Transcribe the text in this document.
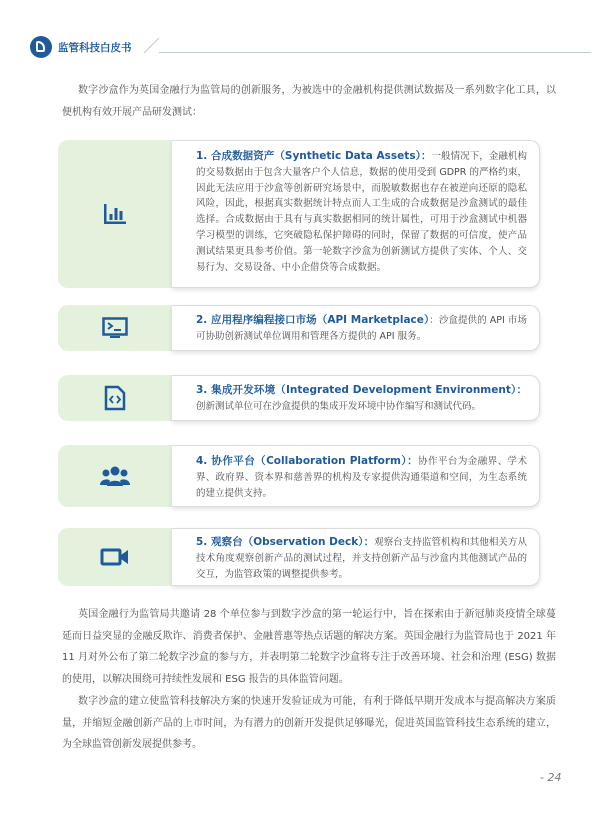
监管科技白皮书

数字沙盒作为英国金融行为监管局的创新服务，为被选中的金融机构提供测试数据及一系列数字化工具，以便机构有效开展产品研发测试：

1. 合成数据资产（Synthetic Data Assets）：一般情况下，金融机构的交易数据由于包含大量客户个人信息，数据的使用受到 GDPR 的严格约束，因此无法应用于沙盒等创新研究场景中，而脱敏数据也存在被逆向还原的隐私风险，因此，根据真实数据统计特点而人工生成的合成数据是沙盒测试的最佳选择。合成数据由于具有与真实数据相同的统计属性，可用于沙盒测试中机器学习模型的训练，它突破隐私保护障碍的同时，保留了数据的可信度，使产品测试结果更具参考价值。第一轮数字沙盒为创新测试方提供了实体、个人、交易行为、交易设备、中小企借贷等合成数据。
2. 应用程序编程接口市场（API Marketplace）：沙盒提供的 API 市场可协助创新测试单位调用和管理各方提供的 API 服务。
3. 集成开发环境（Integrated Development Environment）：创新测试单位可在沙盒提供的集成开发环境中协作编写和测试代码。
4. 协作平台（Collaboration Platform）：协作平台为金融界、学术界、政府界、资本界和慈善界的机构及专家提供沟通渠道和空间，为生态系统的建立提供支持。
5. 观察台（Observation Deck）：观察台支持监管机构和其他相关方从技术角度观察创新产品的测试过程，并支持创新产品与沙盒内其他测试产品的交互，为监管政策的调整提供参考。

英国金融行为监管局共邀请 28 个单位参与到数字沙盒的第一轮运行中，旨在探索由于新冠肺炎疫情全球蔓延而日益突显的金融反欺诈、消费者保护、金融普惠等热点话题的解决方案。英国金融行为监管局也于 2021 年 11 月对外公布了第二轮数字沙盒的参与方，并表明第二轮数字沙盒将专注于改善环境、社会和治理 (ESG) 数据的使用，以解决围绕可持续性发展和 ESG 报告的具体监管问题。

数字沙盒的建立使监管科技解决方案的快速开发验证成为可能，有利于降低早期开发成本与提高解决方案质量，并缩短金融创新产品的上市时间，为有潜力的创新开发提供足够曝光，促进英国监管科技生态系统的建立，为全球监管创新发展提供参考。

- 24
